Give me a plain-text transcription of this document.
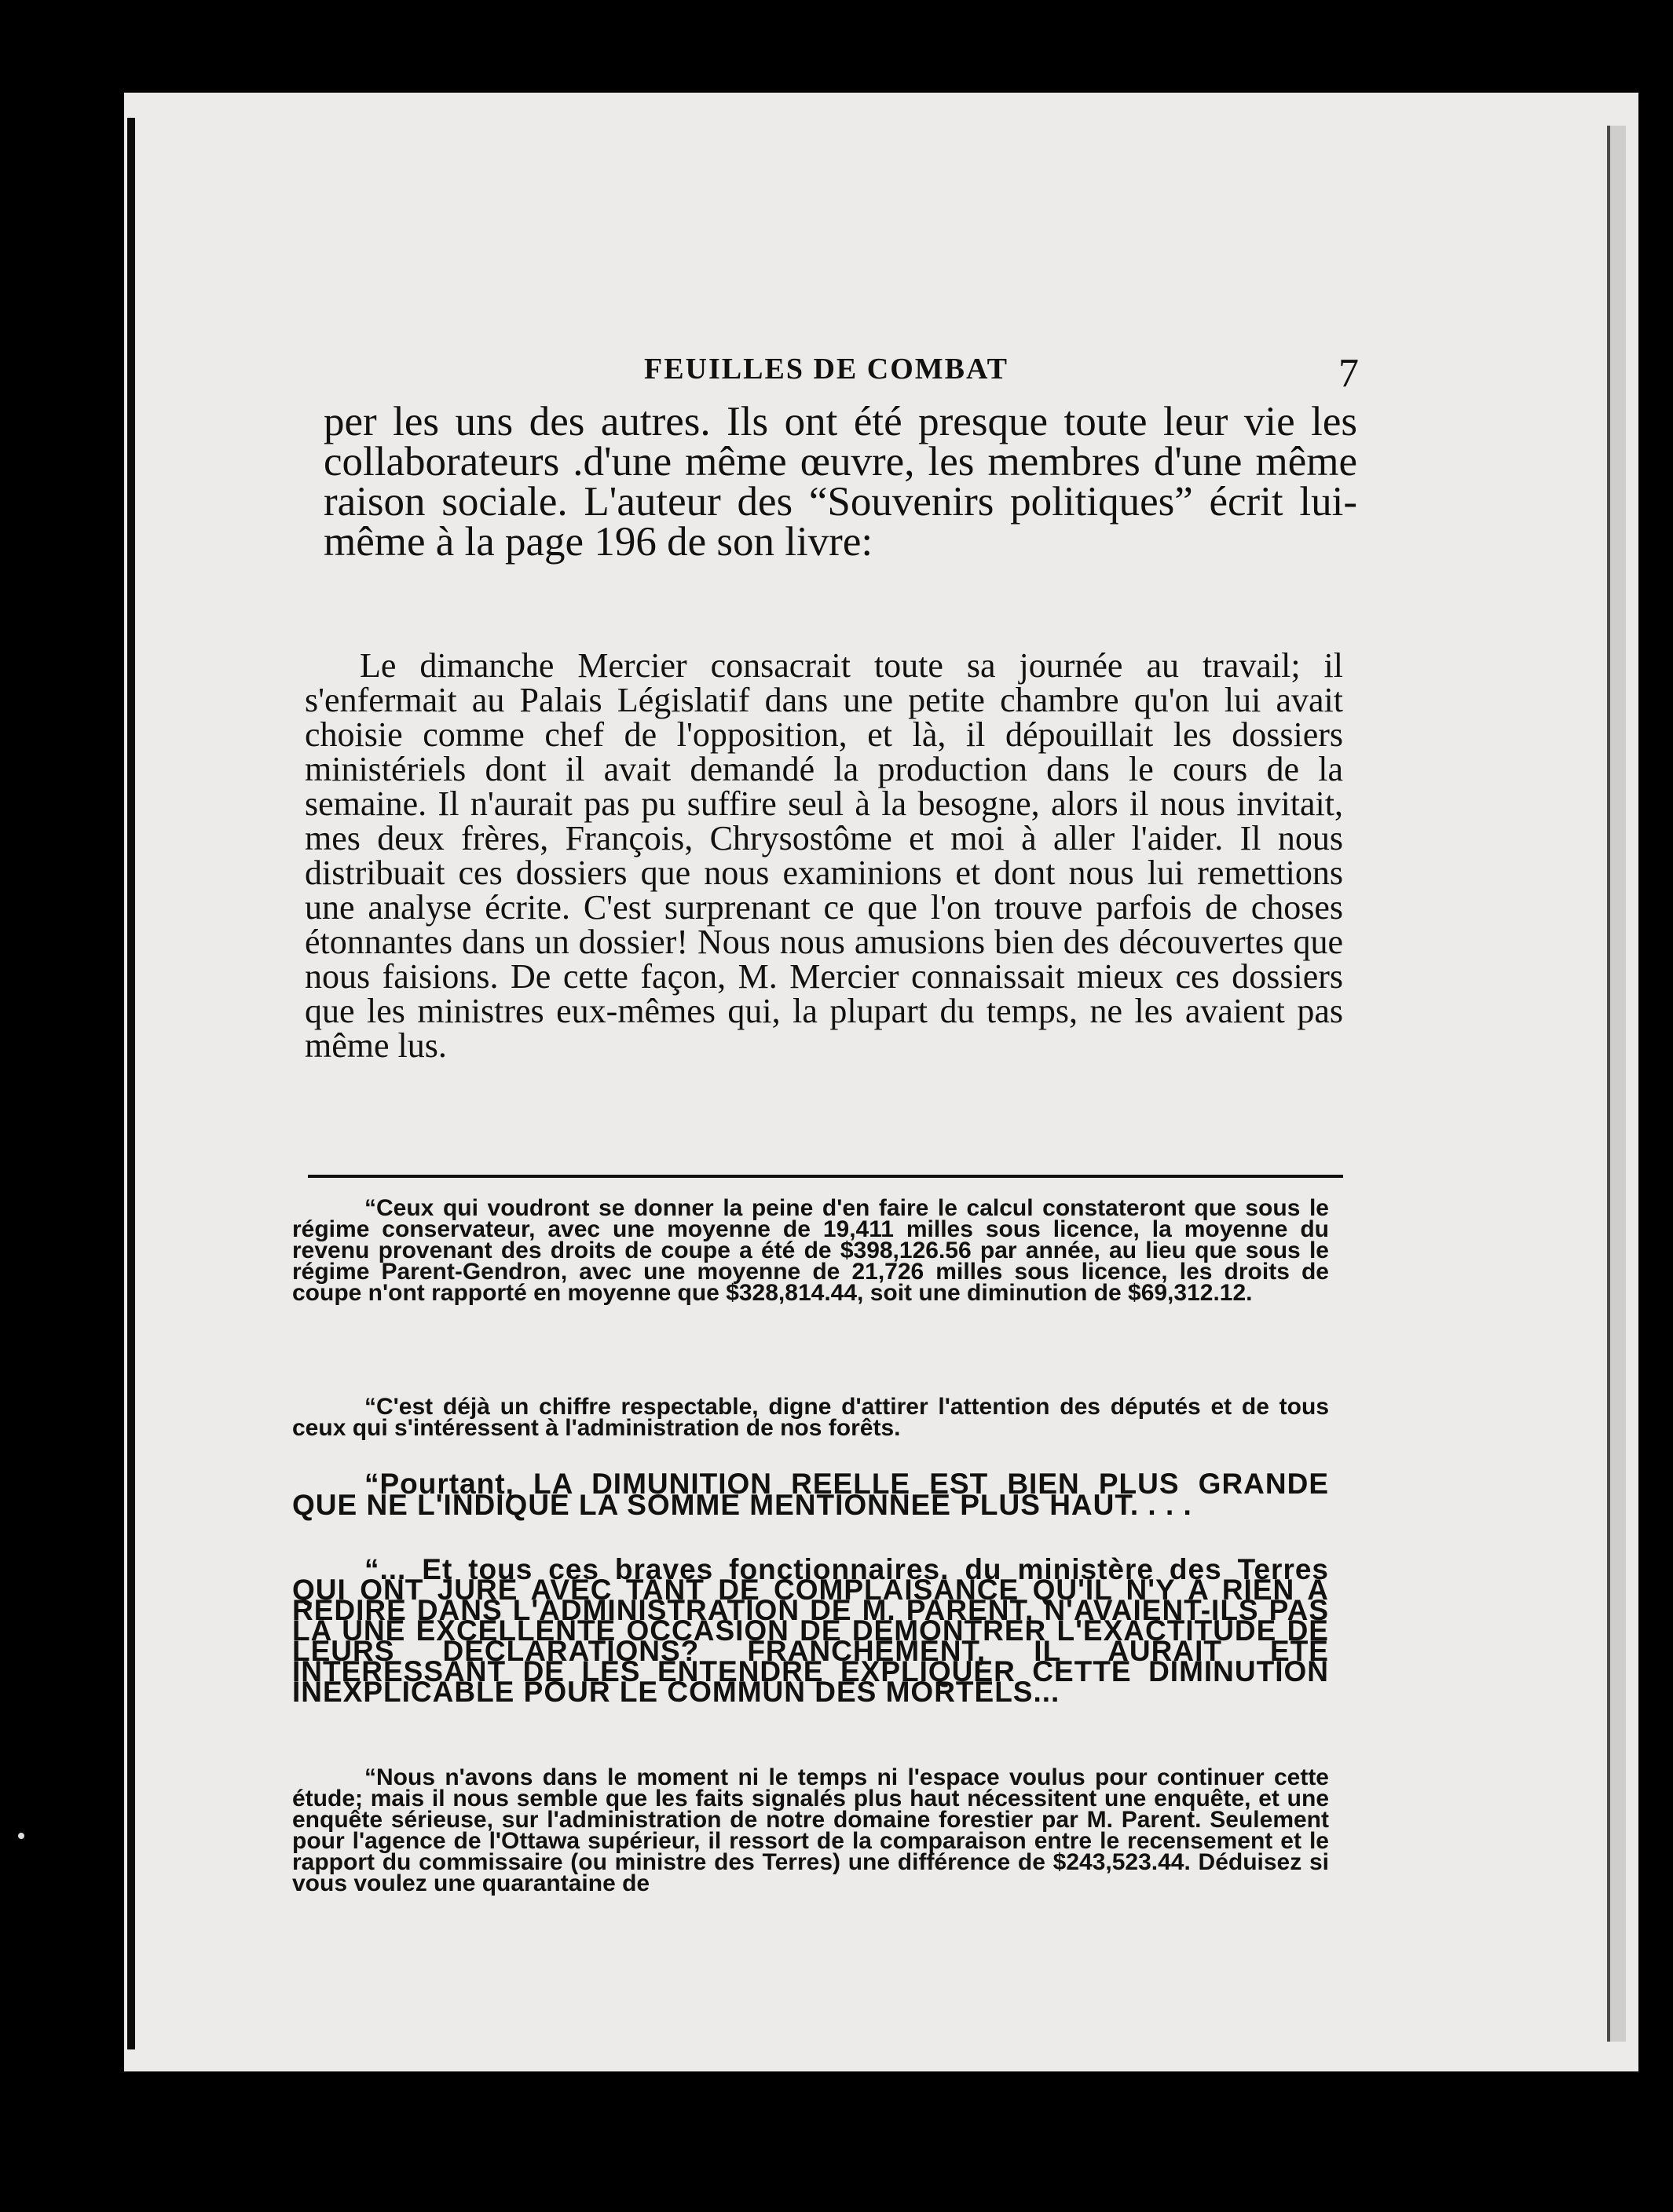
FEUILLES DE COMBAT	7
per les uns des autres. Ils ont été presque toute leur vie les collaborateurs .d'une même œuvre, les membres d'une même raison sociale. L'auteur des “Souvenirs politiques” écrit lui-même à la page 196 de son livre:
Le dimanche Mercier consacrait toute sa journée au travail; il s'enfermait au Palais Législatif dans une petite chambre qu'on lui avait choisie comme chef de l'opposition, et là, il dépouillait les dossiers ministériels dont il avait demandé la production dans le cours de la semaine. Il n'aurait pas pu suffire seul à la besogne, alors il nous invitait, mes deux frères, François, Chrysostôme et moi à aller l'aider. Il nous distribuait ces dossiers que nous examinions et dont nous lui remettions une analyse écrite. C'est surprenant ce que l'on trouve parfois de choses étonnantes dans un dossier! Nous nous amusions bien des découvertes que nous faisions. De cette façon, M. Mercier connaissait mieux ces dossiers que les ministres eux-mêmes qui, la plupart du temps, ne les avaient pas même lus.
“Ceux qui voudront se donner la peine d'en faire le calcul constateront que sous le régime conservateur, avec une moyenne de 19,411 milles sous licence, la moyenne du revenu provenant des droits de coupe a été de $398,126.56 par année, au lieu que sous le régime Parent-Gendron, avec une moyenne de 21,726 milles sous licence, les droits de coupe n'ont rapporté en moyenne que $328,814.44, soit une diminution de $69,312.12.
“C'est déjà un chiffre respectable, digne d'attirer l'attention des députés et de tous ceux qui s'intéressent à l'administration de nos forêts.
“Pourtant, LA DIMUNITION REELLE EST BIEN PLUS GRANDE QUE NE L'INDIQUE LA SOMME MENTIONNEE PLUS HAUT. . . .
“... Et tous ces braves fonctionnaires. du ministère des Terres QUI ONT JURE AVEC TANT DE COMPLAISANCE QU'IL N'Y A RIEN A REDIRE DANS L'ADMINISTRATION DE M. PARENT, N'AVAIENT-ILS PAS LA UNE EXCELLENTE OCCASION DE DEMONTRER L'EXACTITUDE DE LEURS DECLARATIONS? FRANCHEMENT, IL AURAIT ETE INTERESSANT DE LES ENTENDRE EXPLIQUER CETTE DIMINUTION INEXPLICABLE POUR LE COMMUN DES MORTELS...
“Nous n'avons dans le moment ni le temps ni l'espace voulus pour continuer cette étude; mais il nous semble que les faits signalés plus haut nécessitent une enquête, et une enquête sérieuse, sur l'administration de notre domaine forestier par M. Parent. Seulement pour l'agence de l'Ottawa supérieur, il ressort de la comparaison entre le recensement et le rapport du commissaire (ou ministre des Terres) une différence de $243,523.44. Déduisez si vous voulez une quarantaine de
